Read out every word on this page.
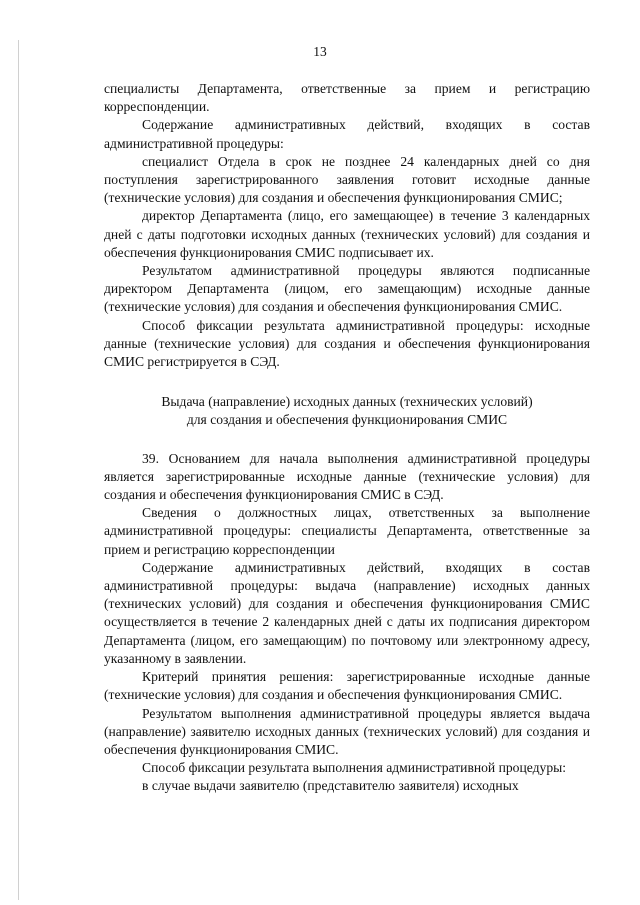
13

специалисты Департамента, ответственные за прием и регистрацию корреспонденции.

Содержание административных действий, входящих в состав административной процедуры:

специалист Отдела в срок не позднее 24 календарных дней со дня поступления зарегистрированного заявления готовит исходные данные (технические условия) для создания и обеспечения функционирования СМИС;

директор Департамента (лицо, его замещающее) в течение 3 календарных дней с даты подготовки исходных данных (технических условий) для создания и обеспечения функционирования СМИС подписывает их.

Результатом административной процедуры являются подписанные директором Департамента (лицом, его замещающим) исходные данные (технические условия) для создания и обеспечения функционирования СМИС.

Способ фиксации результата административной процедуры: исходные данные (технические условия) для создания и обеспечения функционирования СМИС регистрируется в СЭД.

Выдача (направление) исходных данных (технических условий)
для создания и обеспечения функционирования СМИС

39. Основанием для начала выполнения административной процедуры является зарегистрированные исходные данные (технические условия) для создания и обеспечения функционирования СМИС в СЭД.

Сведения о должностных лицах, ответственных за выполнение административной процедуры: специалисты Департамента, ответственные за прием и регистрацию корреспонденции

Содержание административных действий, входящих в состав административной процедуры: выдача (направление) исходных данных (технических условий) для создания и обеспечения функционирования СМИС осуществляется в течение 2 календарных дней с даты их подписания директором Департамента (лицом, его замещающим) по почтовому или электронному адресу, указанному в заявлении.

Критерий принятия решения: зарегистрированные исходные данные (технические условия) для создания и обеспечения функционирования СМИС.

Результатом выполнения административной процедуры является выдача (направление) заявителю исходных данных (технических условий) для создания и обеспечения функционирования СМИС.

Способ фиксации результата выполнения административной процедуры:

в случае выдачи заявителю (представителю заявителя) исходных
